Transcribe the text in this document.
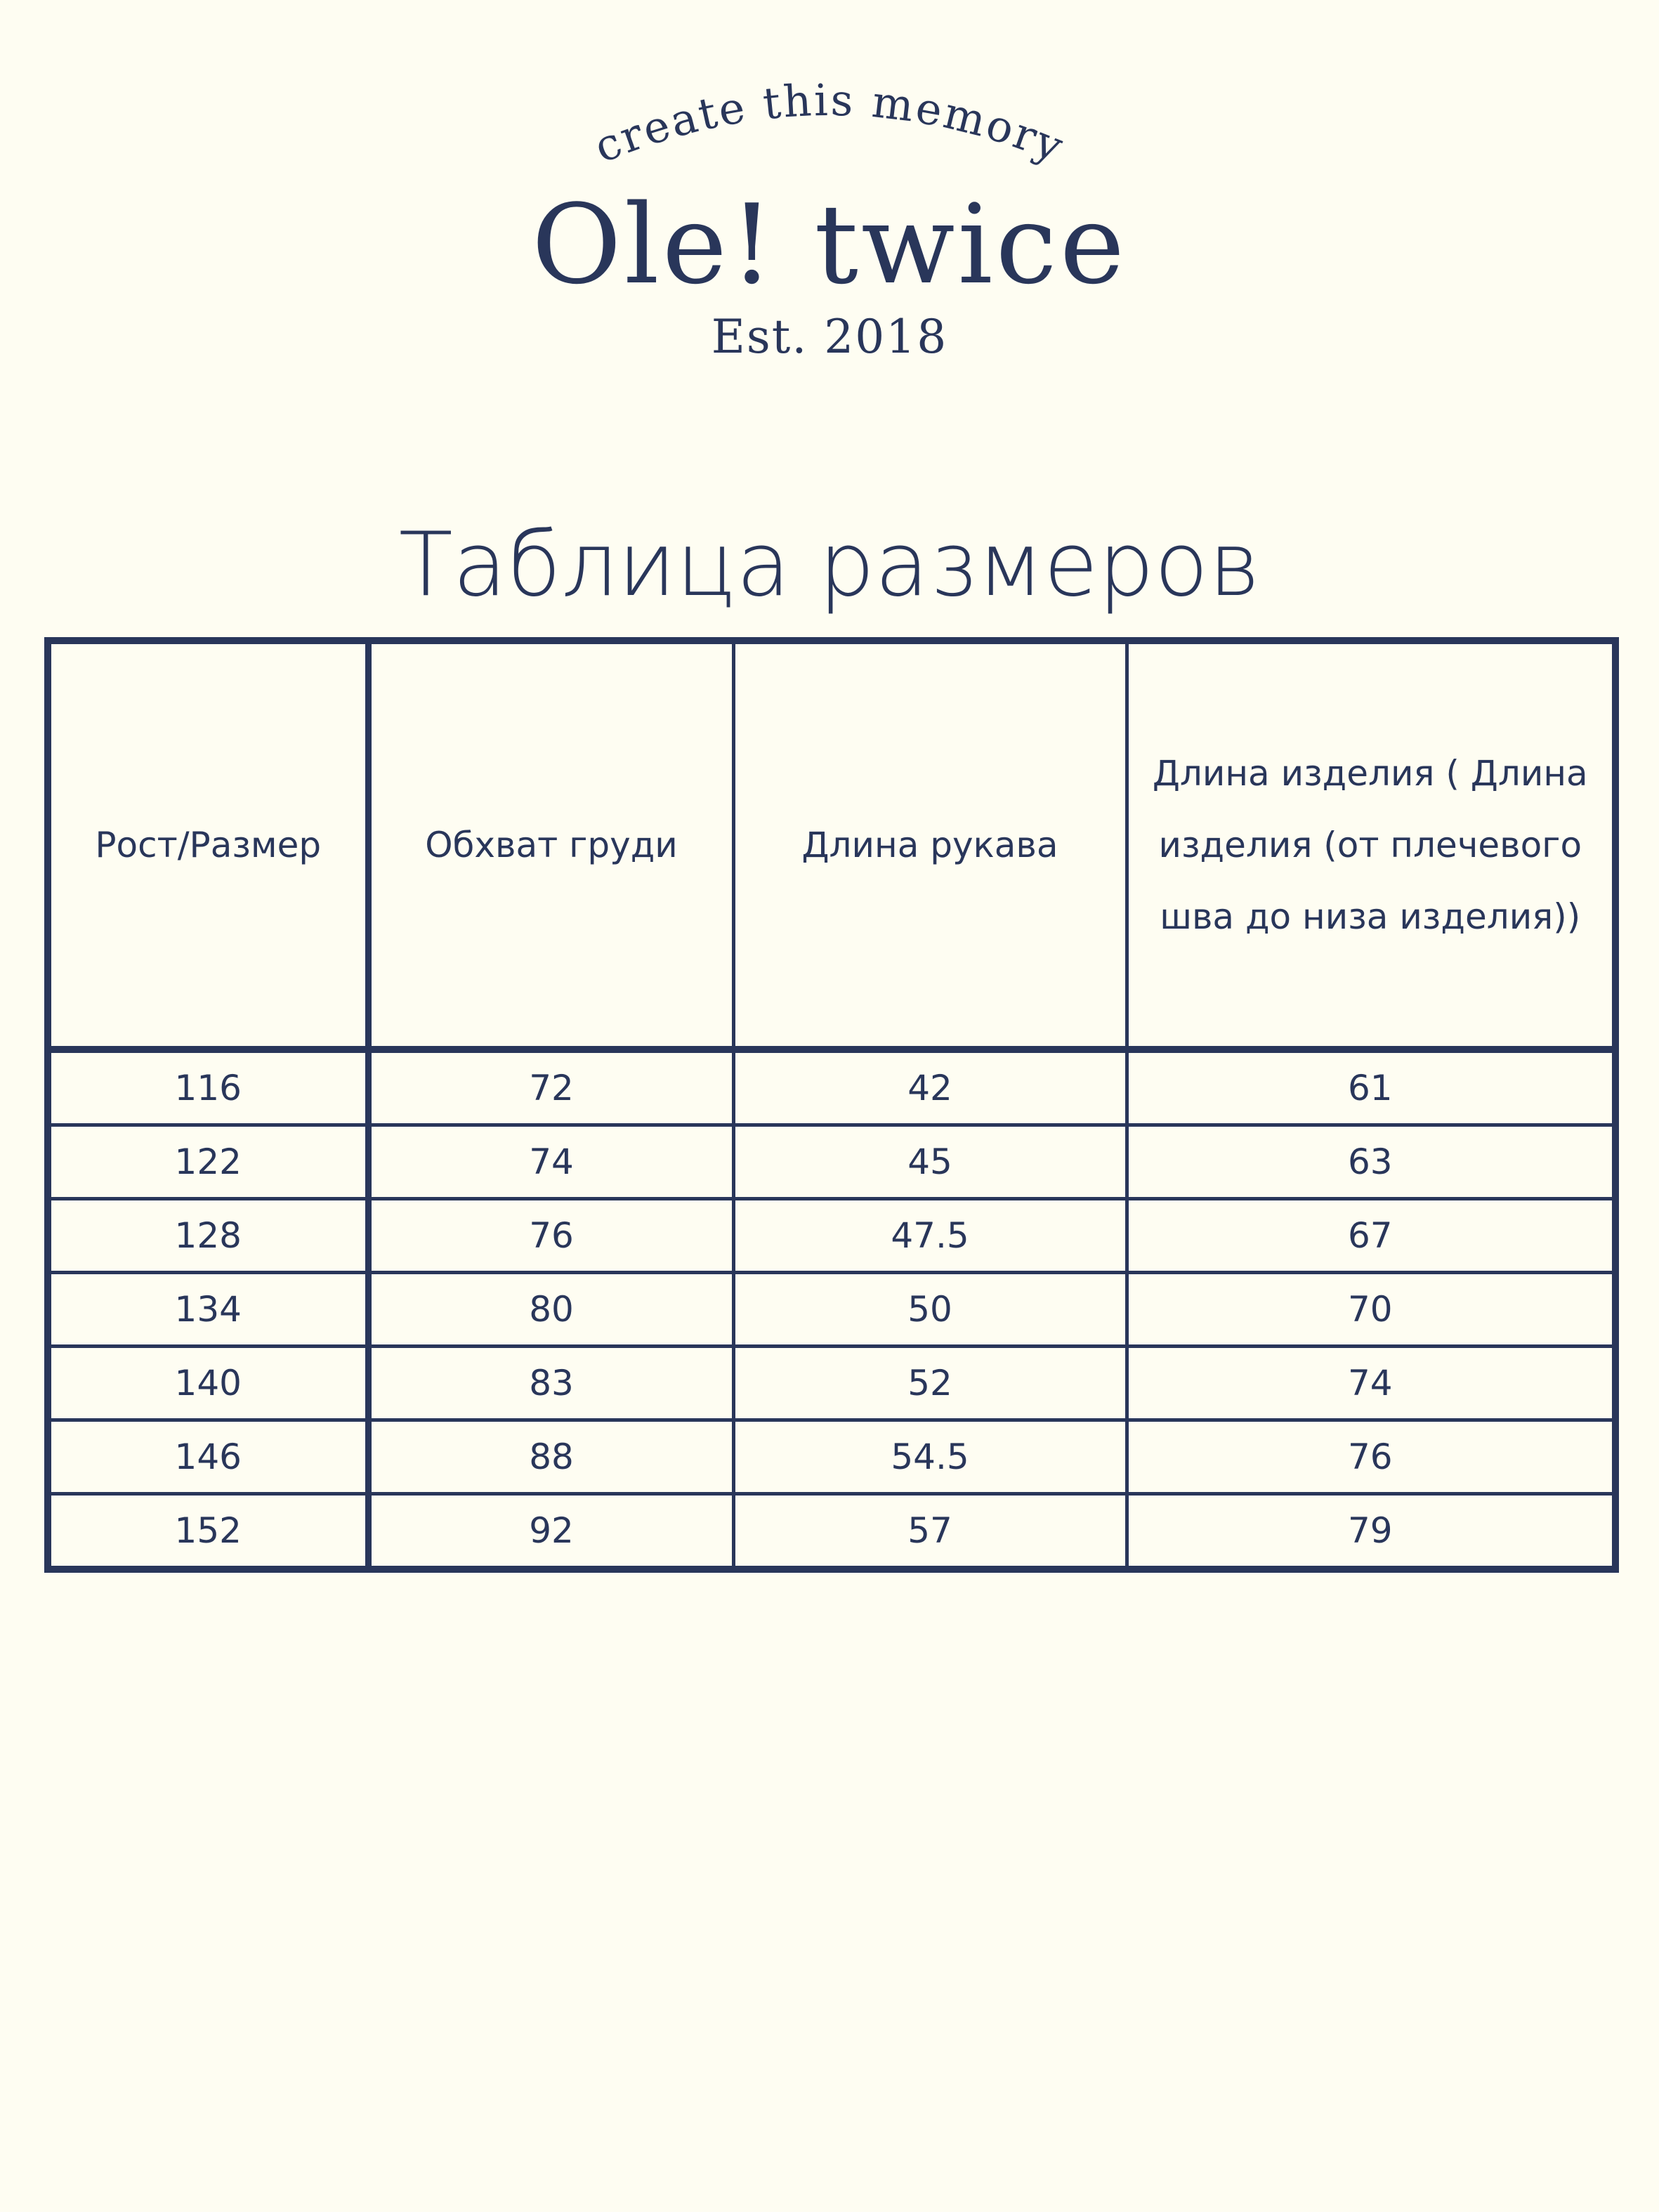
create this memory
Ole! twice
Est. 2018
Таблица размеров
Рост/Размер	Обхват груди	Длина рукава	Длина изделия ( Длина изделия (от плечевого шва до низа изделия))
116	72	42	61
122	74	45	63
128	76	47.5	67
134	80	50	70
140	83	52	74
146	88	54.5	76
152	92	57	79
